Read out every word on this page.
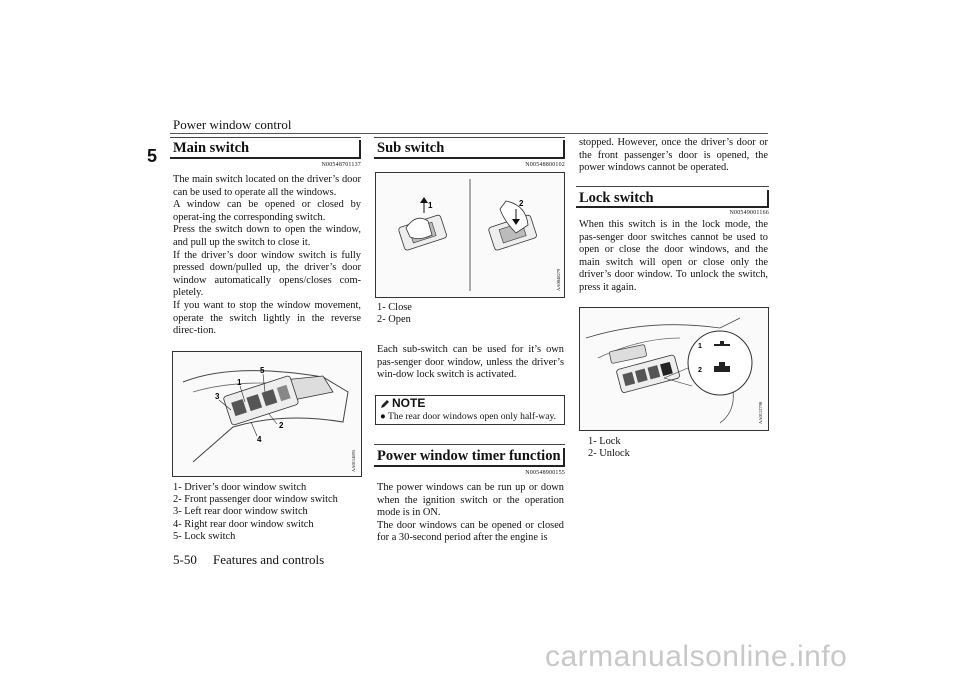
Power window control
5	Main switch
N00548701137

The main switch located on the driver’s door can be used to operate all the windows.

A window can be opened or closed by operat-ing the corresponding switch.

Press the switch down to open the window, and pull up the switch to close it.

If the driver’s door window switch is fully pressed down/pulled up, the driver’s door window automatically opens/closes com-pletely.

If you want to stop the window movement, operate the switch lightly in the reverse direc-tion.

3
1
5
2
4
AA0114895
1- Driver’s door window switch
2- Front passenger door window switch
3- Left rear door window switch
4- Right rear door window switch
5- Lock switch
Sub switch
N00548800102
1	2
AA0048279
1- Close
2- Open

Each sub-switch can be used for it’s own pas-senger door window, unless the driver’s win-dow lock switch is activated.

NOTE
● The rear door windows open only half-way.
Power window timer function
N00548900155

The power windows can be run up or down when the ignition switch or the operation mode is in ON.

The door windows can be opened or closed for a 30-second period after the engine is

stopped. However, once the driver’s door or the front passenger’s door is opened, the power windows cannot be operated.

Lock switch
N00549001166

When this switch is in the lock mode, the pas-senger door switches cannot be used to open or close the door windows, and the main switch will open or close only the driver’s door window. To unlock the switch, press it again.

1
2
AA0112790
1- Lock
2- Unlock
5-50 Features and controls
carmanualsonline.info
